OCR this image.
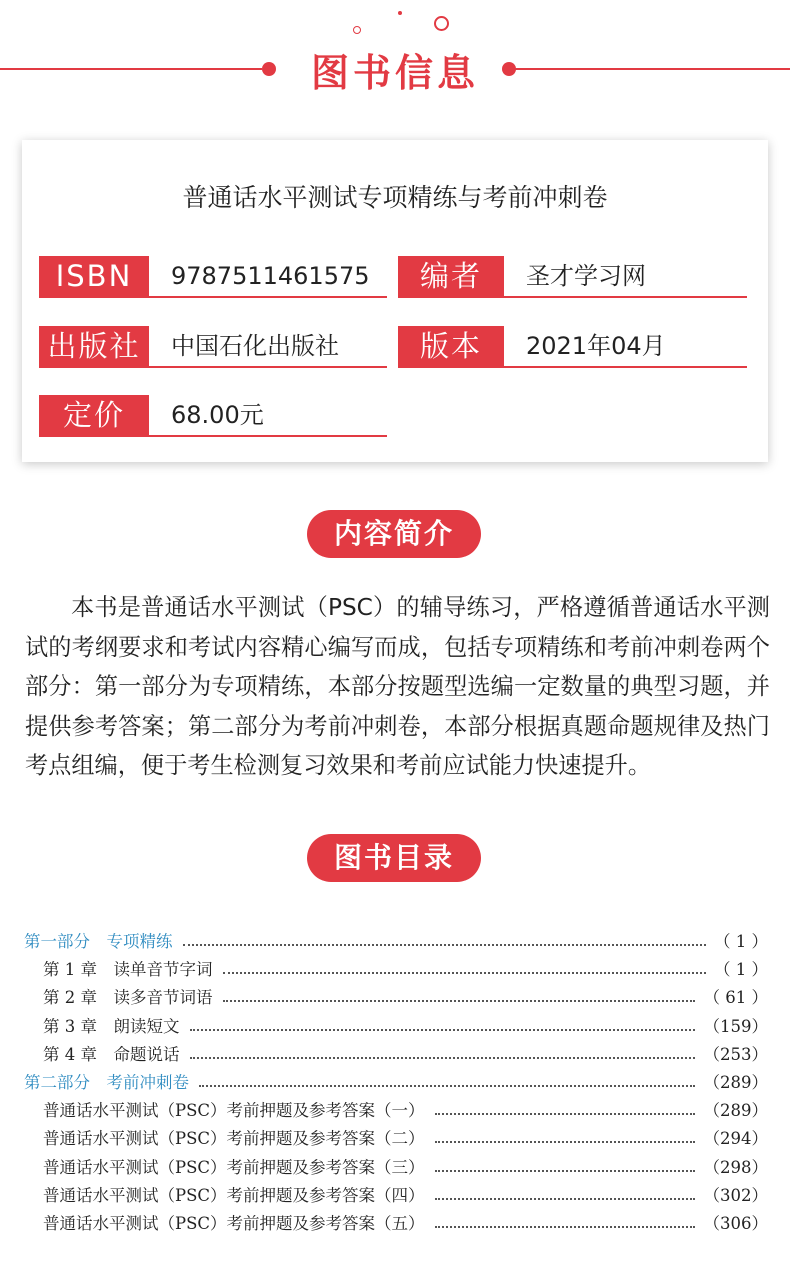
图书信息
普通话水平测试专项精练与考前冲刺卷
ISBN	9787511461575	编者	圣才学习网
出版社	中国石化出版社	版本	2021年04月
定价	68.00元
内容简介
本书是普通话水平测试（PSC）的辅导练习，严格遵循普通话水平测试的考纲要求和考试内容精心编写而成，包括专项精练和考前冲刺卷两个部分：第一部分为专项精练，本部分按题型选编一定数量的典型习题，并提供参考答案；第二部分为考前冲刺卷，本部分根据真题命题规律及热门考点组编，便于考生检测复习效果和考前应试能力快速提升。
图书目录
第一部分　专项精练	（ 1 ）
第 1 章　读单音节字词	（ 1 ）
第 2 章　读多音节词语	（ 61 ）
第 3 章　朗读短文	（159）
第 4 章　命题说话	（253）
第二部分　考前冲刺卷	（289）
普通话水平测试（PSC）考前押题及参考答案（一）	（289）
普通话水平测试（PSC）考前押题及参考答案（二）	（294）
普通话水平测试（PSC）考前押题及参考答案（三）	（298）
普通话水平测试（PSC）考前押题及参考答案（四）	（302）
普通话水平测试（PSC）考前押题及参考答案（五）	（306）
